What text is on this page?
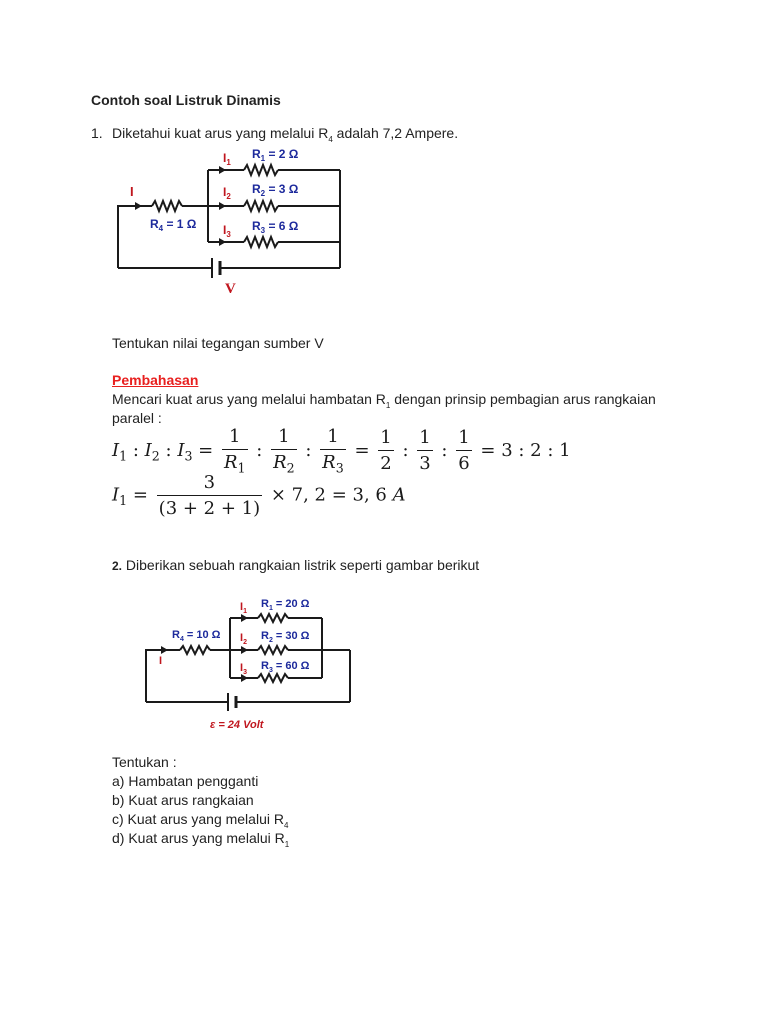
Contoh soal Listruk Dinamis
1. Diketahui kuat arus yang melalui $R_4$ adalah 7,2 Ampere.
I
$I_1$
$I_2$
$I_3$
$R_1 = 2$ Ω
$R_2 = 3$ Ω
$R_3 = 6$ Ω
$R_4 = 1$ Ω
V
Tentukan nilai tegangan sumber V
Pembahasan
Mencari kuat arus yang melalui hambatan $R_1$ dengan prinsip pembagian arus rangkaian
paralel :
$I_1$ : $I_2$ : $I_3 = \frac{1}{R_1}$ : $\frac{1}{R_2}$ : $\frac{1}{R_3} = \frac{1}{2}$ : $\frac{1}{3}$ : $\frac{1}{6} = 3$ : 2 : 1
$I_1 = \frac{3}{(3 + 2 + 1)} \times 7$, 2 = 3, 6 A
2. Diberikan sebuah rangkaian listrik seperti gambar berikut
I
$I_1$
$I_2$
$I_3$
$R_1 = 20$ Ω
$R_2 = 30$ Ω
$R_3 = 60$ Ω
$R_4 = 10$ Ω
ε = 24 Volt
Tentukan :
a) Hambatan pengganti
b) Kuat arus rangkaian
c) Kuat arus yang melalui $R_4$
d) Kuat arus yang melalui $R_1$
